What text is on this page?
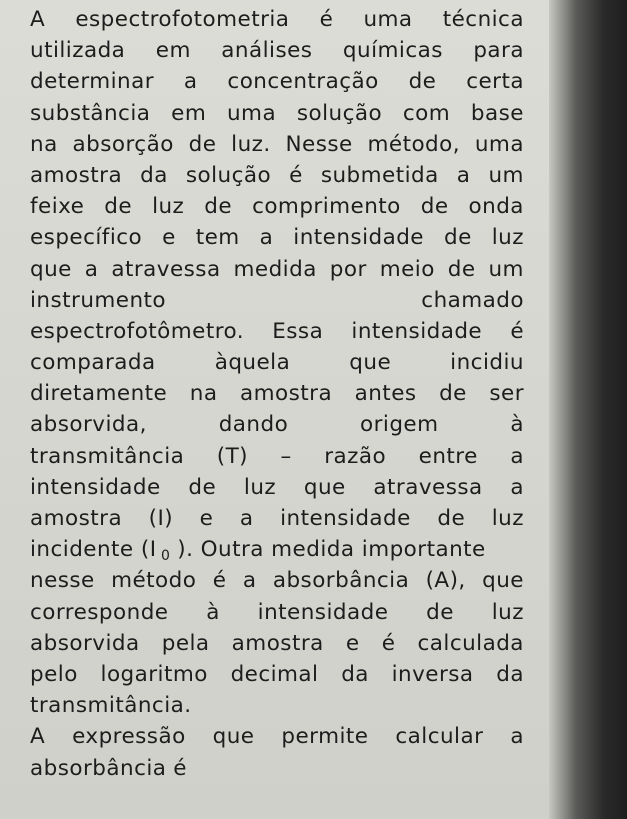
A espectrofotometria é uma técnica
utilizada em análises químicas para
determinar a concentração de certa
substância em uma solução com base
na absorção de luz. Nesse método, uma
amostra da solução é submetida a um
feixe de luz de comprimento de onda
específico e tem a intensidade de luz
que a atravessa medida por meio de um
instrumento	chamado
espectrofotômetro. Essa intensidade é
comparada	àquela	que	incidiu
diretamente na amostra antes de ser
absorvida,	dando	origem	à
transmitância (T) – razão entre a
intensidade de luz que atravessa a
amostra (I) e a intensidade de luz
incidente (I $_0$ ). Outra medida importante
nesse método é a absorbância (A), que
corresponde à intensidade de luz
absorvida pela amostra e é calculada
pelo logaritmo decimal da inversa da
transmitância.
A expressão que permite calcular a
absorbância é
